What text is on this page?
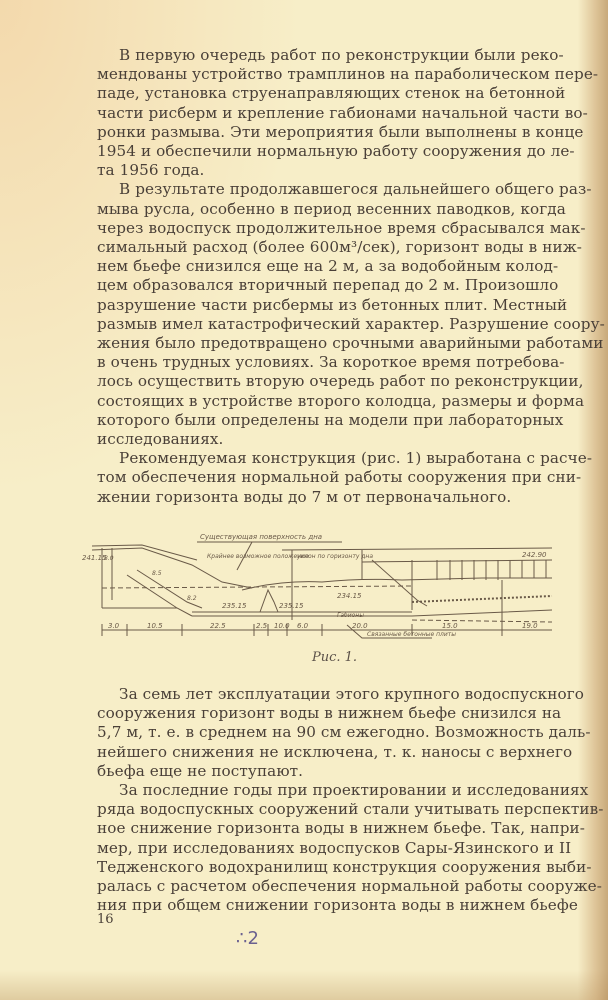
В первую очередь работ по реконструкции были реко-
мендованы устройство трамплинов на параболическом пере-
паде, установка струенаправляющих стенок на бетонной
части рисберм и крепление габионами начальной части во-
ронки размыва. Эти мероприятия были выполнены в конце
1954 и обеспечили нормальную работу сооружения до ле-
та 1956 года.

В результате продолжавшегося дальнейшего общего раз-
мыва русла, особенно в период весенних паводков, когда
через водоспуск продолжительное время сбрасывался мак-
симальный расход (более 600м³/сек), горизонт воды в ниж-
нем бьефе снизился еще на 2 м, а за водобойным колод-
цем образовался вторичный перепад до 2 м. Произошло
разрушение части рисбермы из бетонных плит. Местный
размыв имел катастрофический характер. Разрушение соору-
жения было предотвращено срочными аварийными работами
в очень трудных условиях. За короткое время потребова-
лось осуществить вторую очередь работ по реконструкции,
состоящих в устройстве второго колодца, размеры и форма
которого были определены на модели при лабораторных
исследованиях.

Рекомендуемая конструкция (рис. 1) выработана с расче-
том обеспечения нормальной работы сооружения при сни-
жении горизонта воды до 7 м от первоначального.

Существующая поверхность дна
Крайнее возможное положение
уклон по горизонту дна
241.15
235.15	235.15
234.15
242.90
Габионы
Связанные бетонные плиты
8.0
8.5
8.2
3.0	10.5	22.5	2.5 10.0 6.0	20.0	15.0	19.0
Рис. 1.

За семь лет эксплуатации этого крупного водоспускного
сооружения горизонт воды в нижнем бьефе снизился на
5,7 м, т. е. в среднем на 90 см ежегодно. Возможность даль-
нейшего снижения не исключена, т. к. наносы с верхнего
бьефа еще не поступают.

За последние годы при проектировании и исследованиях
ряда водоспускных сооружений стали учитывать перспектив-
ное снижение горизонта воды в нижнем бьефе. Так, напри-
мер, при исследованиях водоспусков Сары-Язинского и II
Тедженского водохранилищ конструкция сооружения выби-
ралась с расчетом обеспечения нормальной работы сооруже-
ния при общем снижении горизонта воды в нижнем бьефе

16
∴2
